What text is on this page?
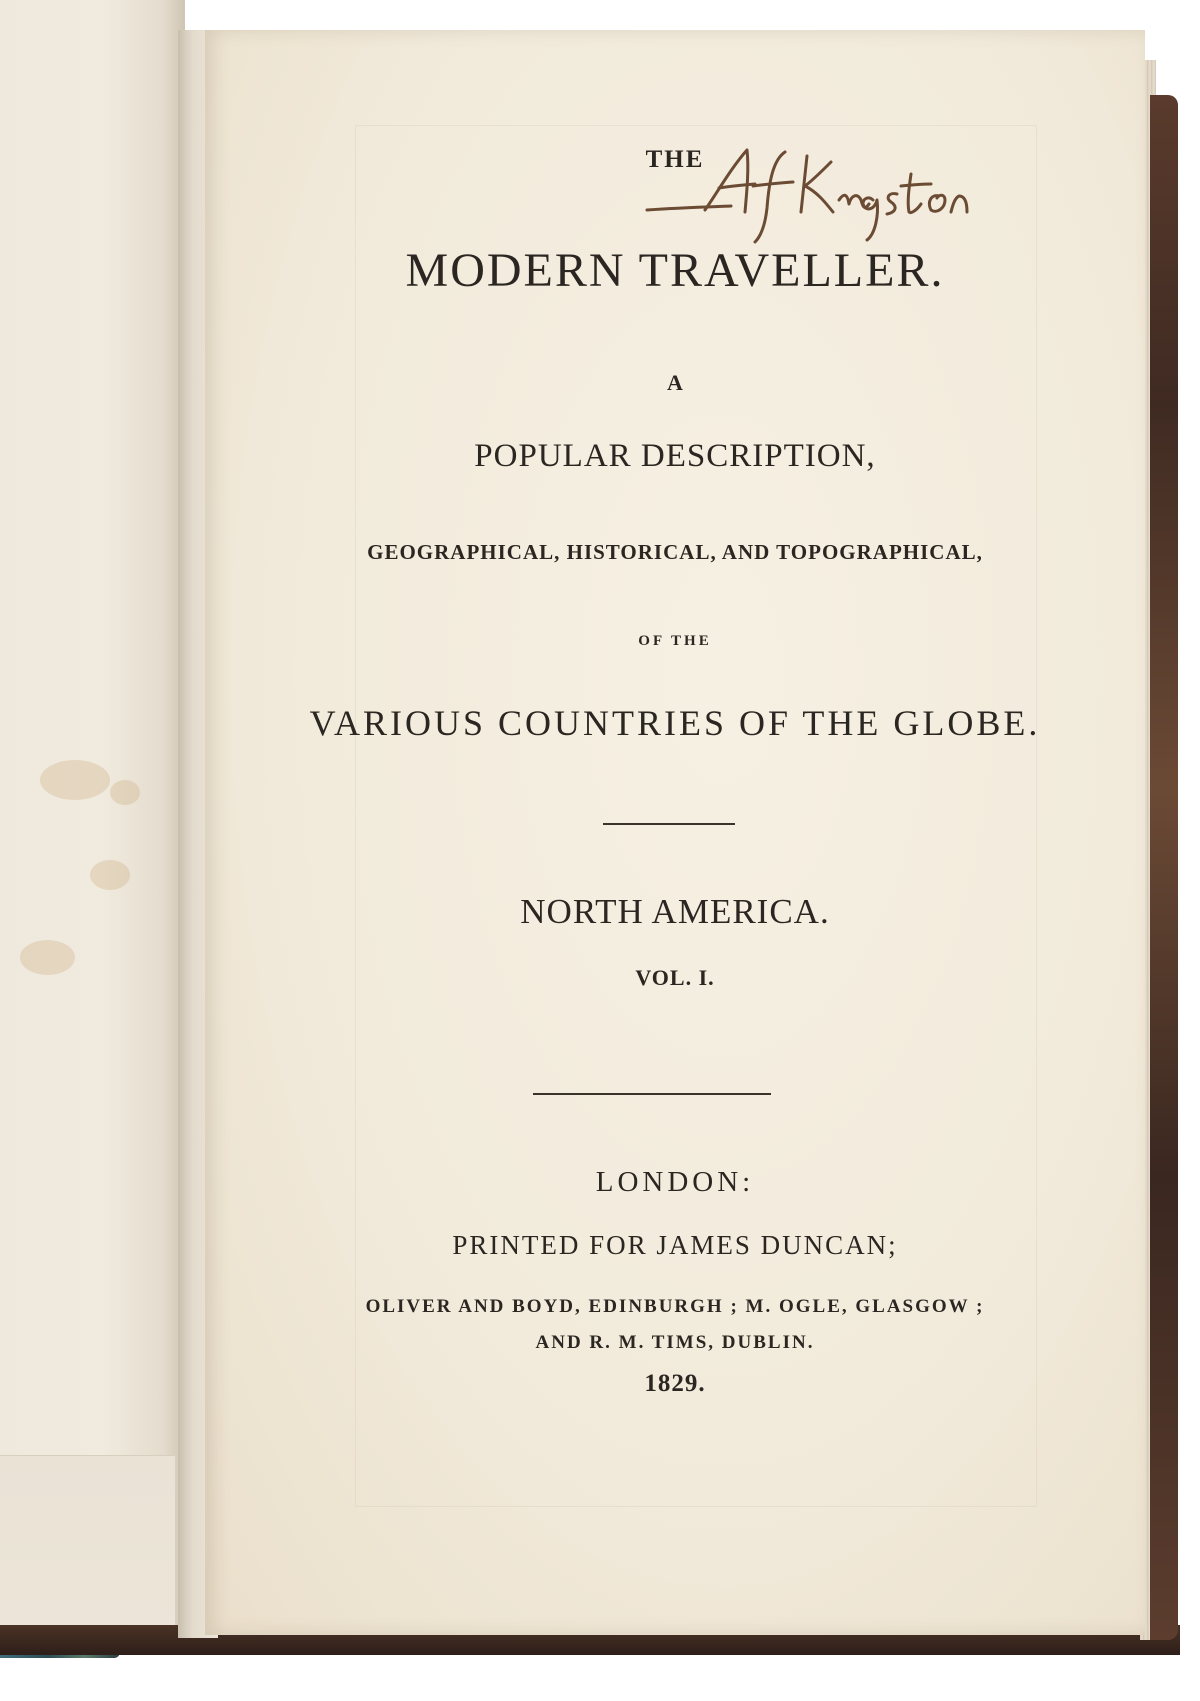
THE

MODERN TRAVELLER.

A

POPULAR DESCRIPTION,

GEOGRAPHICAL, HISTORICAL, AND TOPOGRAPHICAL,

OF THE

VARIOUS COUNTRIES OF THE GLOBE.

NORTH AMERICA.

VOL. I.

LONDON:

PRINTED FOR JAMES DUNCAN;

OLIVER AND BOYD, EDINBURGH ; M. OGLE, GLASGOW ;

AND R. M. TIMS, DUBLIN.

1829.

A F Kingston
